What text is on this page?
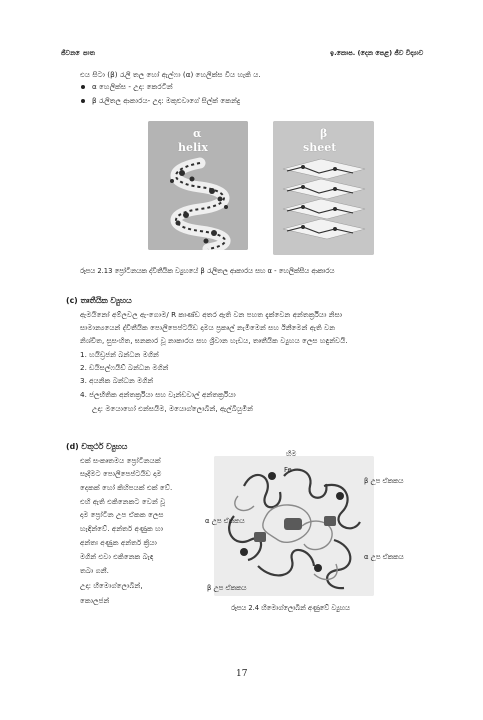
ජීවන ෙපාත	ඉ.කොප. (දෙන පෙළ) ජීව විද්‍යාව
එය සිටා (β) රැලි තල හෝ ඇල්ෆා (α) හෙලික්ස විය හැකි ය.
α හෙලික්ස - උදා: කෙරටින්
β රැලිතල ආකාරය- උදා: මකුළුවාගේ සිල්ක් කෙන්දු
α
helix
β
sheet
රූපය 2.13 ප්‍රෝටීනයක ද්විතීයික ව්‍යුහයේ β රැලිතල ආකාරය සහ α - හෙලික්සීය ආකාරය
(c) තෘතීයික ව්‍යුහය
ඇමයිනෝ අම්ලවල ඇ-ගොම/ R කාණ්ඩ අතර ඇති වන පහත දැක්වෙන අන්තර්ක්‍රියා නිසා
සාමාන්‍යයෙන් ද්විතීයික පොලිපෙප්ටයිඩ දාමය ප්‍රකෘල් නැමීමෙන් සහ ඊනීමෙන් ඇති වන
නිශ්චිත, සුසංහිත, ඝනකාර වූ නාකාරය සහ ශ්‍රීවාන හැඩය, තෘතීයික ව්‍යුහය ලෙස හඳුන්වයි.
1. හයිඩ්‍රජන් බන්ධන මගින්
2. ඩයිසල්ෆයිඩ් බන්ධන මගින්
3. අයනික බන්ධන මගින්
4. ජලභීතික අන්තර්ක්‍රියා සහ වැන්ඩවාල් අන්තර්ක්‍රියා
උදා: මයොහෝ එන්සයිම, මයොග්ලොබින්, ඇල්බියුමින්
(d) චතුර්ථ ව්‍යුහය
එක් සංකෘතමය ප්‍රෝටීනයක්
සෑදීමට පොලිපෙප්ටයිඩ දාම
දෙකක් හෝ කිහිපයක් එක් වේ.
එහි ඇති එකිනෙකට වෙන් වූ
දාම ප්‍රෝටීන උප ඒකක ලෙස
හැඳින්වේ. අන්තර් අණුක හා
අන්තඃ අණුක අන්තර් ක්‍රියා
මගින් එවා එකිනෙක බැඳ
තබා ගනී.
උදා: හීමොග්ලොබින්,
කොලජන්
හීම
Fe
β උප ඒකකය
α උප ඒකකය
α උප ඒකකය
β උප ඒකකය
රූපය 2.4 හීමොග්ලොබින් අණුවේ ව්‍යුහය
17
